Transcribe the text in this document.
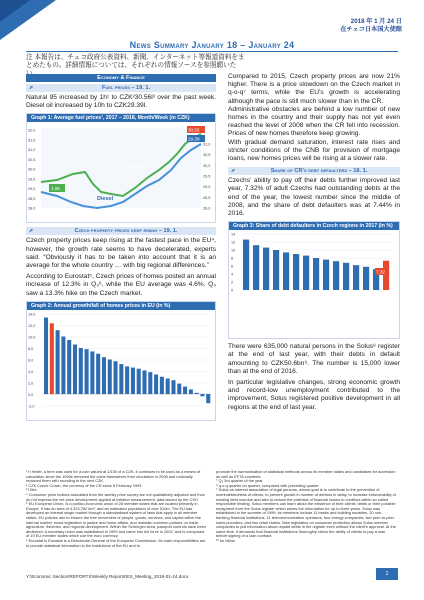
2018 年 1 月 24 日
在チェコ日本国大使館
News Summary January 18 – January 24
注 本報告は、チェコ政府公表資料、新聞、インターネット等報道資料をまとめたもの。詳細情報については、それぞれの情報ソースを参照願いた
Economy & Finance
⇗	Fuel prices – 19. 1.
Natural 95 increased by 1h¹ to CZK²30.56l³ over the past week. Diesel oil increased by 10h to CZK29.39l.
Graph 1: Average fuel prices¹, 2017 – 2018, Month/Week (in CZK)
32,0
31,5
31,0
30,5
30,0
29,5
29,0
28,5
28,0
31,0
30,5
30,0
29,5
29,0
28,5
28,0
Petrol
Diesel
1,95
30,56
29,39
⇗	Czech property prices keep rising – 19. 1.
Czech property prices keep rising at the fastest pace in the EU⁴, however, the growth rate seems to have decelerated, experts said. “Obviously it has to be taken into account that it is an average for the whole country … with big regional differences.”
According to Eurostat⁵, Czech prices of homes posted an annual increase of 12.3% in Q₃⁶, while the EU average was 4.6%. Q₃ saw a 13.3% hike on the Czech market.
Graph 2: Annual growth/fall of homes prices in EU (in %)
14,0
12,0
10,0
8,0
6,0
4,0
2,0
0,0
-2,0
Compared to 2015, Czech property prices are now 21% higher. There is a price slowdown on the Czech market in q-o-q⁷ terms, while the EU’s growth is accelerating although the pace is still much slower than in the CR.
Administrative obstacles are behind a low number of new homes in the country and their supply has not yet even reached the level of 2008 when the CR fell into recession. Prices of new homes therefore keep growing.
With gradual demand saturation, interest rate rises and stricter conditions of the CNB for provision of mortgage loans, new homes prices will be rising at a slower rate.
⇗	Share of CR’s debt defaulters – 18. 1.
Czechs’ ability to pay off their debts further improved last year, 7.32% of adult Czechs had outstanding debts at the end of the year, the lowest number since the middle of 2008, and the share of debt defaulters was at 7.44% in 2016.
Graph 3: Share of debt defaulters in Czech regions in 2017 (in %)
14
12
10
8
6
4
2
0
7,32
There were 635,000 natural persons in the Solus⁸ register at the end of last year, with their debts in default amounting to CZK50.6bn⁹. The number is 15,000 lower than at the end of 2016.
In particular legislative changes, strong economic growth and record-low unemployment contributed to the improvement, Solus registered positive development in all regions at the end of last year.
¹ h Heller, a term was used for a coin valued at 1/100 of a CZK, it continues to be used as a means of calculation since the 1990s removed the coins themselves from circulation in 2008 and notionally replaced them with rounding to the next CZK.
² CZK Czech Crown, the currency of the CR since 8 February 1993
³ l litre
⁴ Consumer price indices calculated from the weekly price survey are not qualitatively adjusted and thus do not express the net price development applied at inflation measurement, data issued by the CSO
⁵ EU European Union, is a politico-economic union of 28 member states that are located primarily in Europe. It has an area of 4,324,782 km², and an estimated population of over 510m. The EU has developed an internal single market through a standardised system of laws that apply in all member states. EU policies aim to ensure the free movement of people, goods, services, and capital within the internal market, enact legislation in justice and home affairs, and maintain common policies on trade, agriculture, fisheries, and regional development. Within the Schengen Area, passport controls have been abolished. A monetary union was established in 1999 and came into full force in 2002, and is composed of 19 EU member states which use the euro currency.
⁶ Eurostat is Eurostat is a Directorate-General of the European Commission. Its main responsibilities are to provide statistical information to the institutions of the EU and to
promote the harmonisation of statistical methods across its member states and candidates for accession as well as EFTA countries.
⁷ Q₃ 3rd quarter of the year
⁸ q-o-q quarter on quarter, compared with preceding quarter
⁹ Solus an interest association of legal persons, whose goal is to contribute to the prevention of overindebtedness of clients, to prevent growth in number of debtors in delay, to increase enforceability of existing debt overdue and also to reduce the potential of financial losses to creditors within so called responsible lending. Solus members can learn about the existence of their clients’ debts or their possible repayment from the Solus register which stores the information for up to three years. Solus was established in the summer of 1999; its members include 11 banks and building societies, 20 non-banking financial institutions, 11 telecommunication operators, four energy companies, two peer-to-peer loans providers, and two retail chains. New legislation on consumer protection allows Solus member companies to pull information about unpaid debts in the register even without the client’s approval. At the same time, it demands that financial institutions thoroughly check the ability of clients to pay a loan before signing of a loan contract.
¹⁰ bn billion
Y:\Economic Section\REPORTS\Weekly Reports\ES_Meeting_2018-01-24.docx	1
